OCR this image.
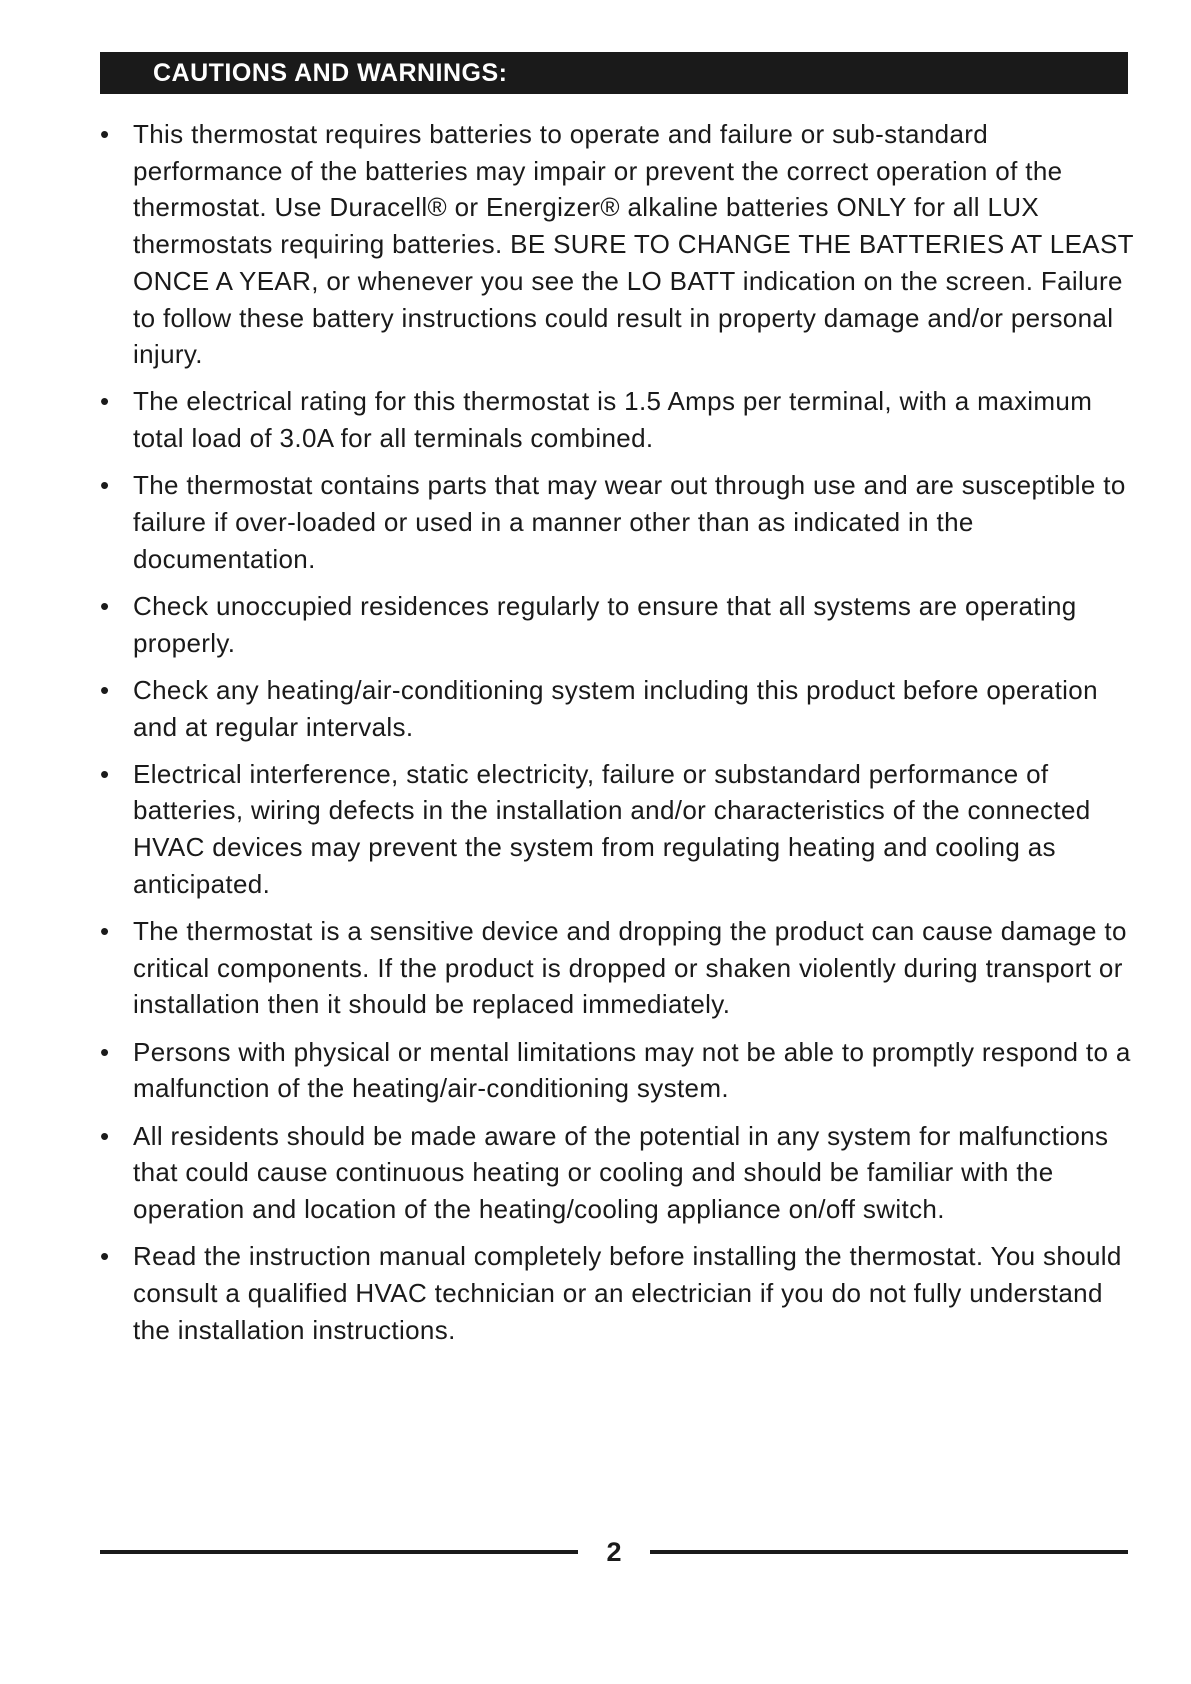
CAUTIONS AND WARNINGS:
• This thermostat requires batteries to operate and failure or sub-standard performance of the batteries may impair or prevent the correct operation of the thermostat. Use Duracell® or Energizer® alkaline batteries ONLY for all LUX thermostats requiring batteries. BE SURE TO CHANGE THE BATTERIES AT LEAST ONCE A YEAR, or whenever you see the LO BATT indication on the screen. Failure to follow these battery instructions could result in property damage and/or personal injury.
• The electrical rating for this thermostat is 1.5 Amps per terminal, with a maximum total load of 3.0A for all terminals combined.
• The thermostat contains parts that may wear out through use and are susceptible to failure if over-loaded or used in a manner other than as indicated in the documentation.
• Check unoccupied residences regularly to ensure that all systems are operating properly.
• Check any heating/air-conditioning system including this product before operation and at regular intervals.
• Electrical interference, static electricity, failure or substandard performance of batteries, wiring defects in the installation and/or characteristics of the connected HVAC devices may prevent the system from regulating heating and cooling as anticipated.
• The thermostat is a sensitive device and dropping the product can cause damage to critical components. If the product is dropped or shaken violently during transport or installation then it should be replaced immediately.
• Persons with physical or mental limitations may not be able to promptly respond to a malfunction of the heating/air-conditioning system.
• All residents should be made aware of the potential in any system for malfunctions that could cause continuous heating or cooling and should be familiar with the operation and location of the heating/cooling appliance on/off switch.
• Read the instruction manual completely before installing the thermostat. You should consult a qualified HVAC technician or an electrician if you do not fully understand the installation instructions.
2
